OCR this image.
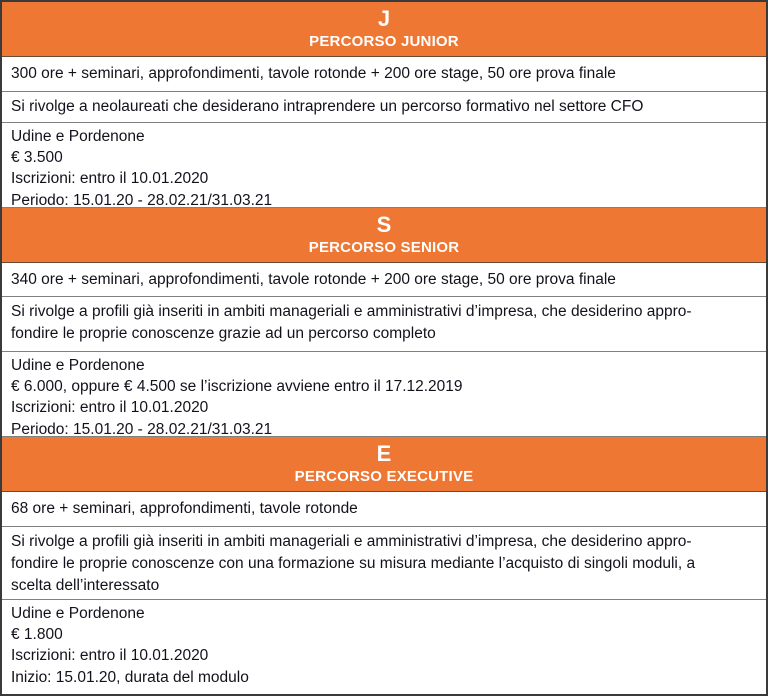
J
PERCORSO JUNIOR
300 ore + seminari, approfondimenti, tavole rotonde + 200 ore stage, 50 ore prova finale
Si rivolge a neolaureati che desiderano intraprendere un percorso formativo nel settore CFO
Udine e Pordenone
€ 3.500
Iscrizioni: entro il 10.01.2020
Periodo: 15.01.20 - 28.02.21/31.03.21
S
PERCORSO SENIOR
340 ore + seminari, approfondimenti, tavole rotonde + 200 ore stage, 50 ore prova finale
Si rivolge a profili già inseriti in ambiti manageriali e amministrativi d’impresa, che desiderino appro-
fondire le proprie conoscenze grazie ad un percorso completo
Udine e Pordenone
€ 6.000, oppure € 4.500 se l’iscrizione avviene entro il 17.12.2019
Iscrizioni: entro il 10.01.2020
Periodo: 15.01.20 - 28.02.21/31.03.21
E
PERCORSO EXECUTIVE
68 ore + seminari, approfondimenti, tavole rotonde
Si rivolge a profili già inseriti in ambiti manageriali e amministrativi d’impresa, che desiderino appro-
fondire le proprie conoscenze con una formazione su misura mediante l’acquisto di singoli moduli, a
scelta dell’interessato
Udine e Pordenone
€ 1.800
Iscrizioni: entro il 10.01.2020
Inizio: 15.01.20, durata del modulo
